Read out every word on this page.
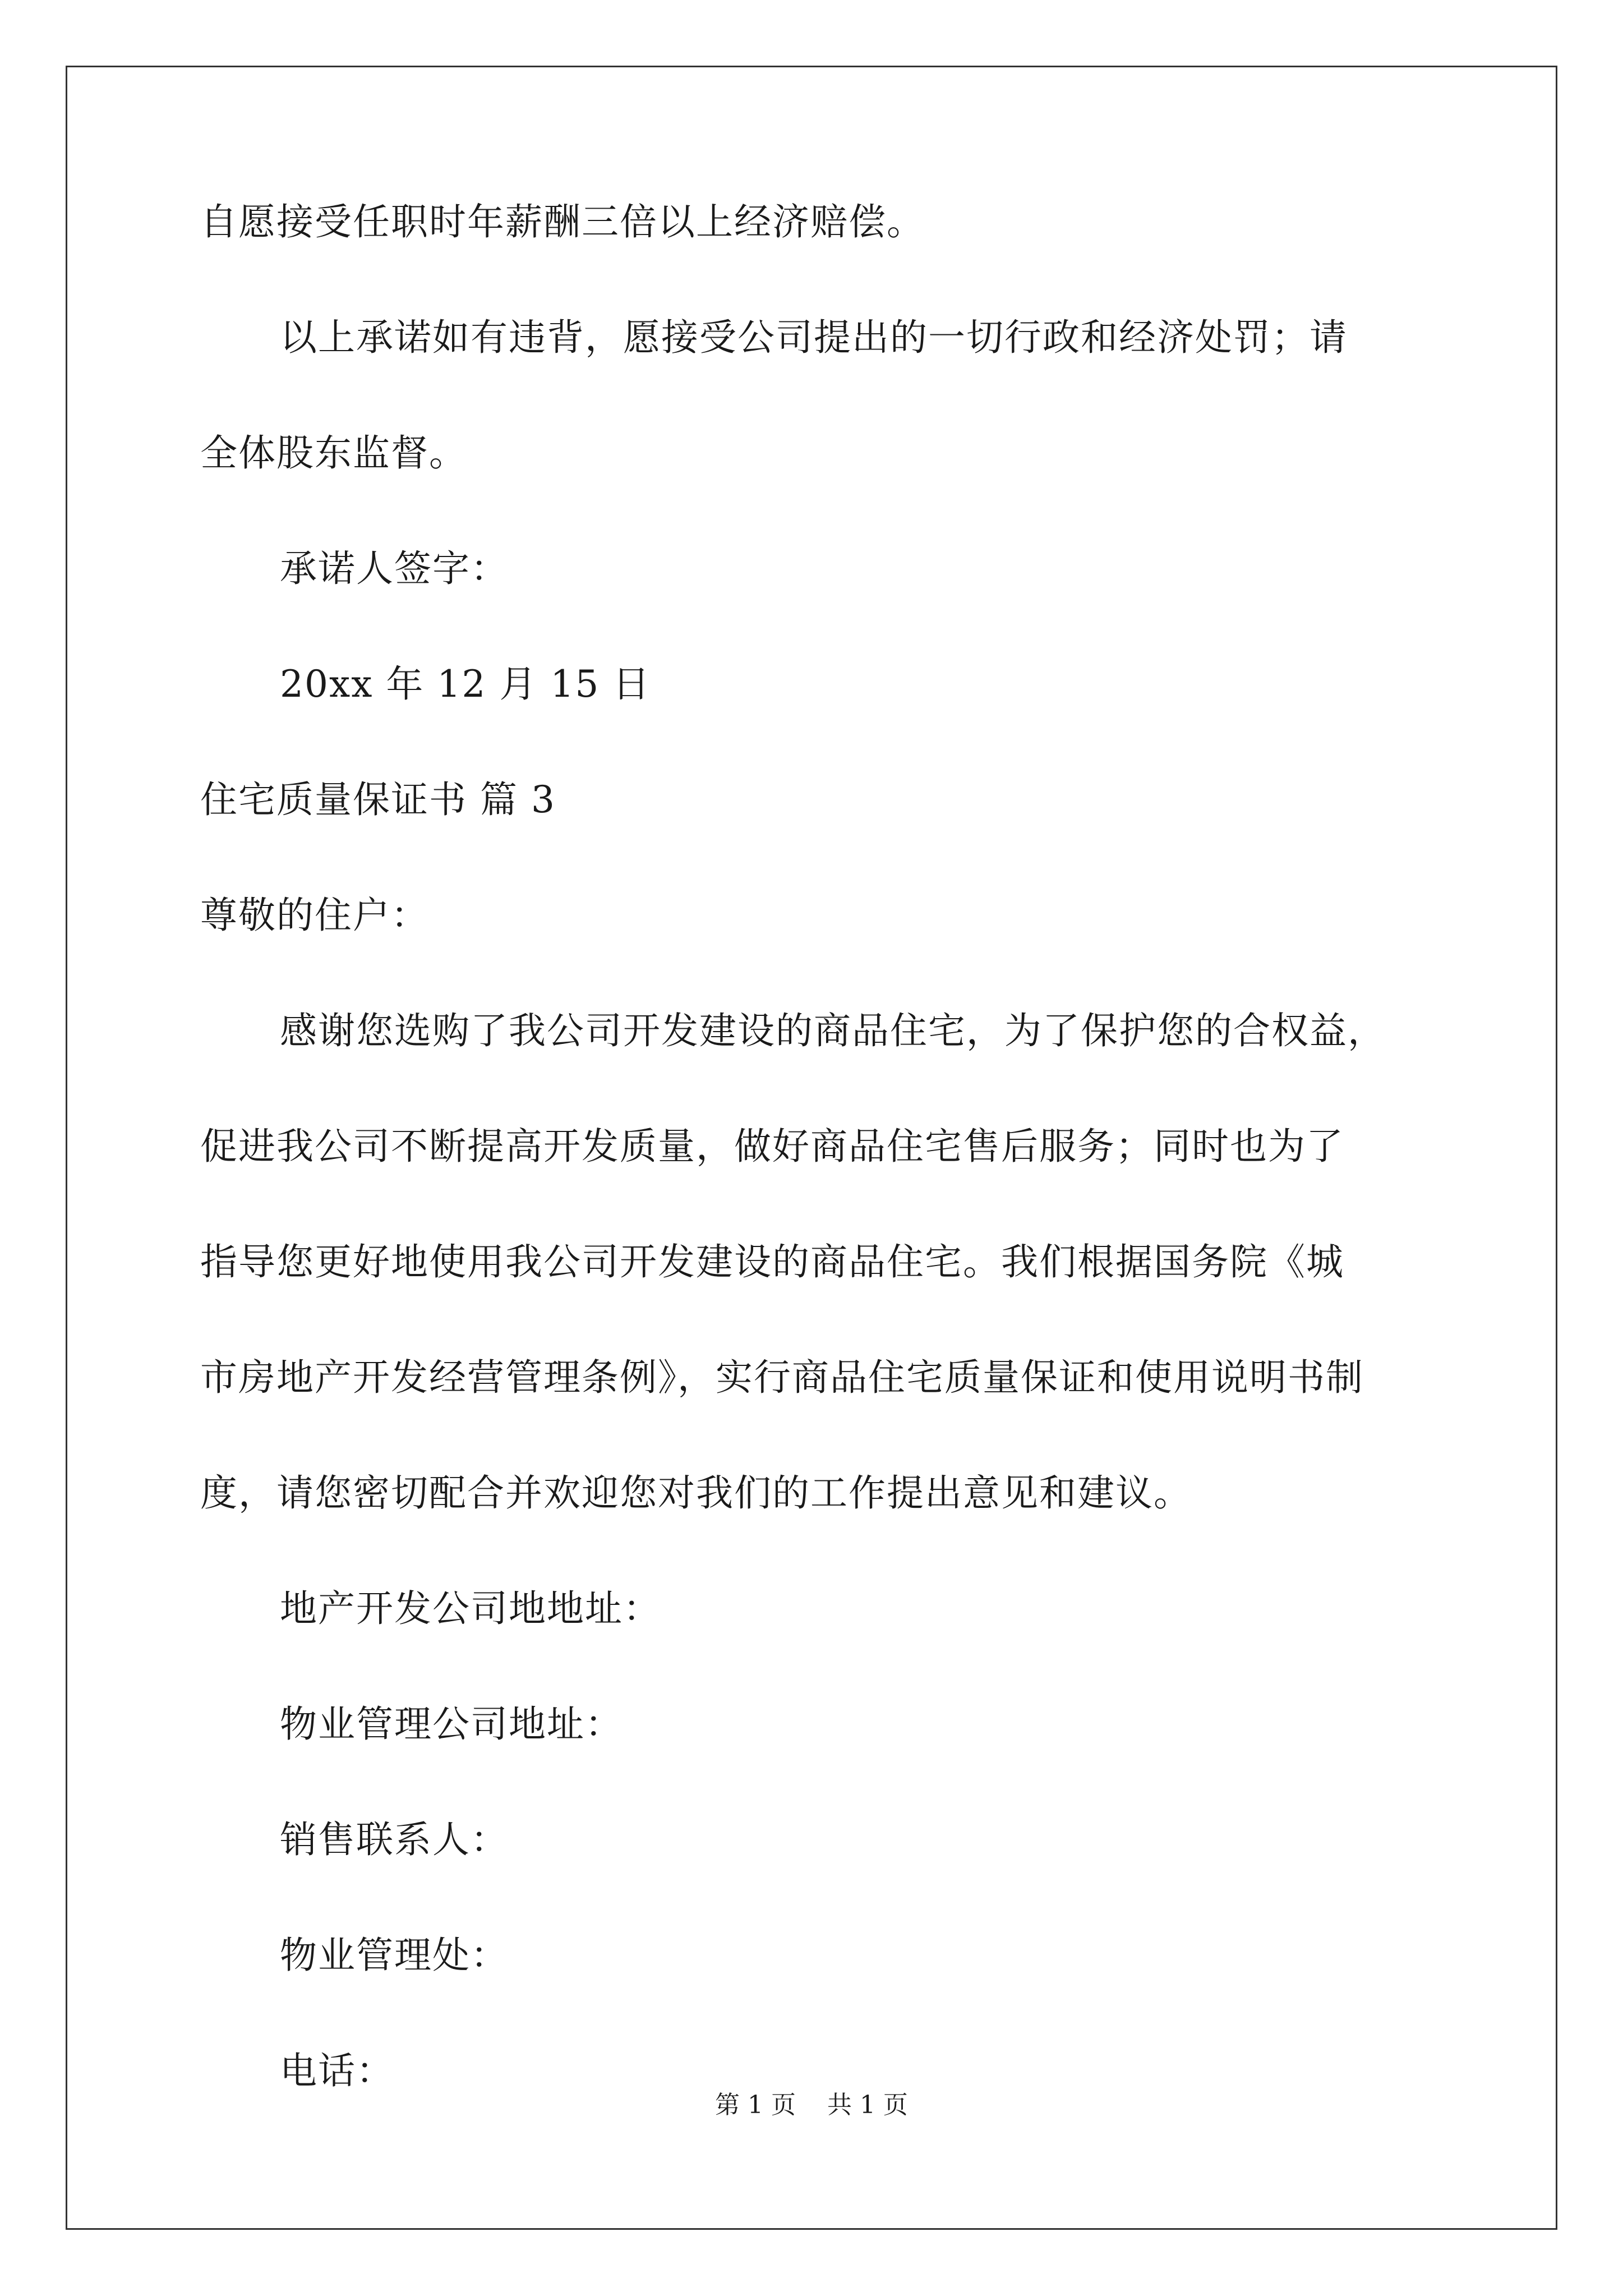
自愿接受任职时年薪酬三倍以上经济赔偿。
以上承诺如有违背，愿接受公司提出的一切行政和经济处罚；请
全体股东监督。
承诺人签字：
20xx 年 12 月 15 日
住宅质量保证书 篇 3
尊敬的住户：
感谢您选购了我公司开发建设的商品住宅，为了保护您的合权益，
促进我公司不断提高开发质量，做好商品住宅售后服务；同时也为了
指导您更好地使用我公司开发建设的商品住宅。我们根据国务院《城
市房地产开发经营管理条例》，实行商品住宅质量保证和使用说明书制
度，请您密切配合并欢迎您对我们的工作提出意见和建议。
地产开发公司地地址：
物业管理公司地址：
销售联系人：
物业管理处：
电话：
第 1 页    共 1 页
